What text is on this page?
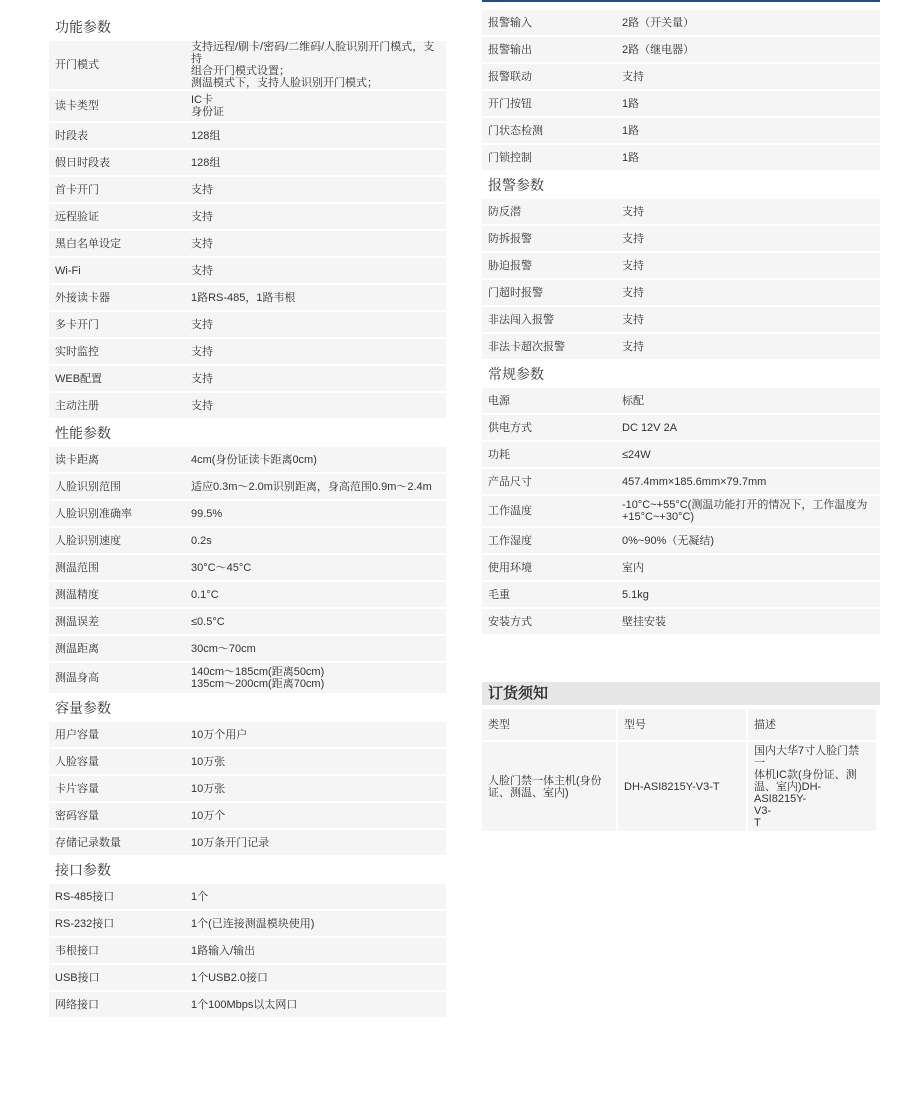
功能参数	
开门模式	支持远程/刷卡/密码/二维码/人脸识别开门模式，支持
组合开门模式设置；
测温模式下，支持人脸识别开门模式；

读卡类型	IC卡
身份证

时段表	128组

假日时段表	128组

首卡开门	支持

远程验证	支持

黑白名单设定	支持

Wi-Fi	支持

外接读卡器	1路RS-485，1路韦根

多卡开门	支持

实时监控	支持

WEB配置	支持

主动注册	支持

性能参数	
读卡距离	4cm(身份证读卡距离0cm)

人脸识别范围	适应0.3m～2.0m识别距离，身高范围0.9m～2.4m

人脸识别准确率	99.5%

人脸识别速度	0.2s

测温范围	30°C～45°C

测温精度	0.1°C

测温误差	≤0.5°C

测温距离	30cm～70cm

测温身高	140cm～185cm(距离50cm)
135cm～200cm(距离70cm)

容量参数	
用户容量	10万个用户

人脸容量	10万张

卡片容量	10万张

密码容量	10万个

存储记录数量	10万条开门记录

接口参数	
RS-485接口	1个

RS-232接口	1个(已连接测温模块使用)

韦根接口	1路输入/输出

USB接口	1个USB2.0接口

网络接口	1个100Mbps以太网口
报警输入	2路（开关量）

报警输出	2路（继电器）

报警联动	支持

开门按钮	1路

门状态检测	1路

门锁控制	1路

报警参数	
防反潜	支持

防拆报警	支持

胁迫报警	支持

门超时报警	支持

非法闯入报警	支持

非法卡超次报警	支持

常规参数	
电源	标配

供电方式	DC 12V 2A

功耗	≤24W

产品尺寸	457.4mm×185.6mm×79.7mm

工作温度	-10°C~+55°C(测温功能打开的情况下，工作温度为
+15°C~+30°C)

工作湿度	0%~90%（无凝结)

使用环境	室内

毛重	5.1kg

安装方式	壁挂安装
订货须知
类型	型号	描述

人脸门禁一体主机(身份
证、测温、室内)	DH-ASI8215Y-V3-T	国内大华7寸人脸门禁一
体机IC款(身份证、测
温、室内)DH-ASI8215Y-
V3-
T
